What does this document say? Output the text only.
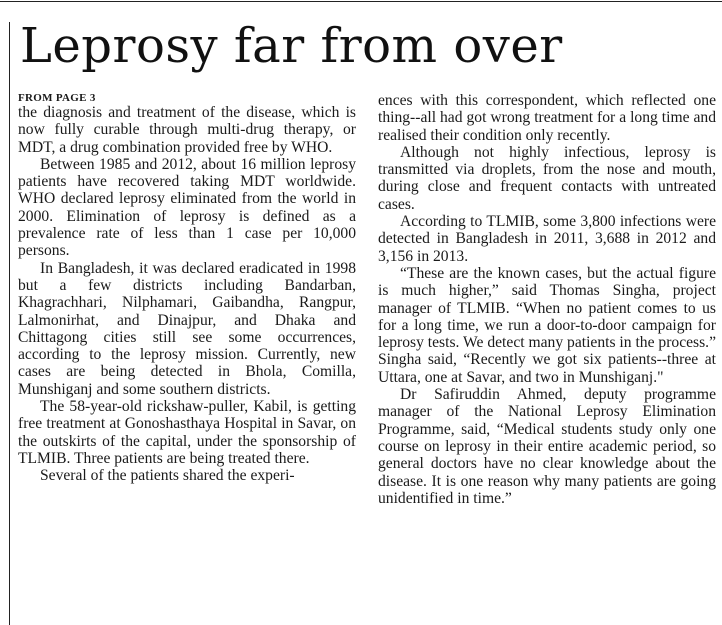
Leprosy far from over
FROM PAGE 3

the diagnosis and treatment of the disease, which is now fully curable through multi-drug therapy, or MDT, a drug combination provided free by WHO.

Between 1985 and 2012, about 16 million leprosy patients have recovered taking MDT worldwide. WHO declared leprosy eliminated from the world in 2000. Elimination of leprosy is defined as a prevalence rate of less than 1 case per 10,000 persons.

In Bangladesh, it was declared eradicated in 1998 but a few districts including Bandarban, Khagrachhari, Nilphamari, Gaibandha, Rangpur, Lalmonirhat, and Dinajpur, and Dhaka and Chittagong cities still see some occurrences, according to the leprosy mission. Currently, new cases are being detected in Bhola, Comilla, Munshiganj and some southern districts.

The 58-year-old rickshaw-puller, Kabil, is getting free treatment at Gonoshasthaya Hospital in Savar, on the outskirts of the capital, under the sponsorship of TLMIB. Three patients are being treated there.

Several of the patients shared the experi-

ences with this correspondent, which reflected one thing--all had got wrong treatment for a long time and realised their condition only recently.

Although not highly infectious, leprosy is transmitted via droplets, from the nose and mouth, during close and frequent contacts with untreated cases.

According to TLMIB, some 3,800 infections were detected in Bangladesh in 2011, 3,688 in 2012 and 3,156 in 2013.

“These are the known cases, but the actual figure is much higher,” said Thomas Singha, project manager of TLMIB. “When no patient comes to us for a long time, we run a door-to-door campaign for leprosy tests. We detect many patients in the process.” Singha said, “Recently we got six patients--three at Uttara, one at Savar, and two in Munshiganj."

Dr Safiruddin Ahmed, deputy programme manager of the National Leprosy Elimination Programme, said, “Medical students study only one course on leprosy in their entire academic period, so general doctors have no clear knowledge about the disease. It is one reason why many patients are going unidentified in time.”
